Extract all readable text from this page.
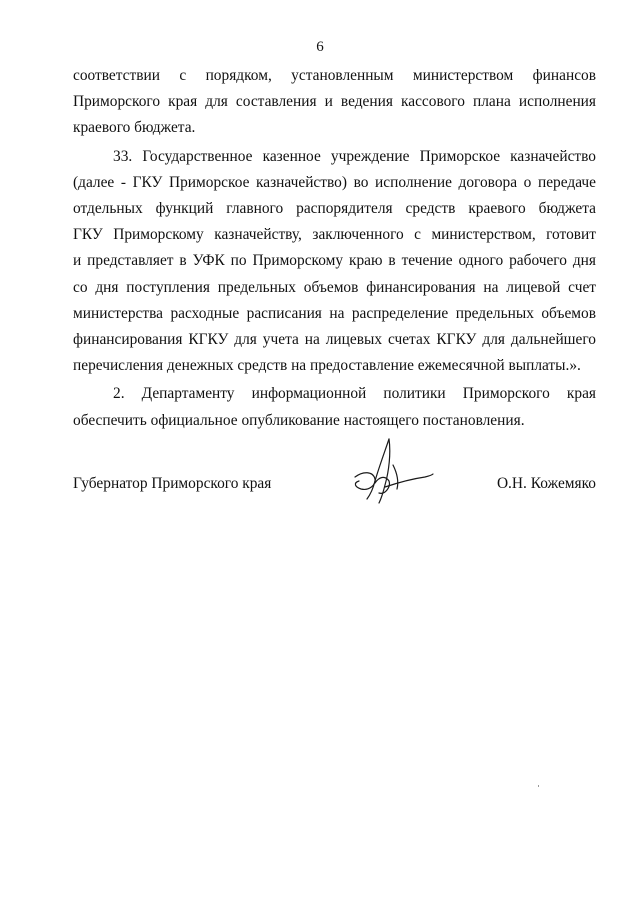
6

соответствии с порядком, установленным министерством финансов

Приморского края для составления и ведения кассового плана исполнения

краевого бюджета.

33. Государственное казенное учреждение Приморское казначейство

(далее - ГКУ Приморское казначейство) во исполнение договора о передаче

отдельных функций главного распорядителя средств краевого бюджета

ГКУ Приморскому казначейству, заключенного с министерством, готовит

и представляет в УФК по Приморскому краю в течение одного рабочего дня

со дня поступления предельных объемов финансирования на лицевой счет

министерства расходные расписания на распределение предельных объемов

финансирования КГКУ для учета на лицевых счетах КГКУ для дальнейшего

перечисления денежных средств на предоставление ежемесячной выплаты.».

2. Департаменту информационной политики Приморского края

обеспечить официальное опубликование настоящего постановления.

Губернатор Приморского края	О.Н. Кожемяко
